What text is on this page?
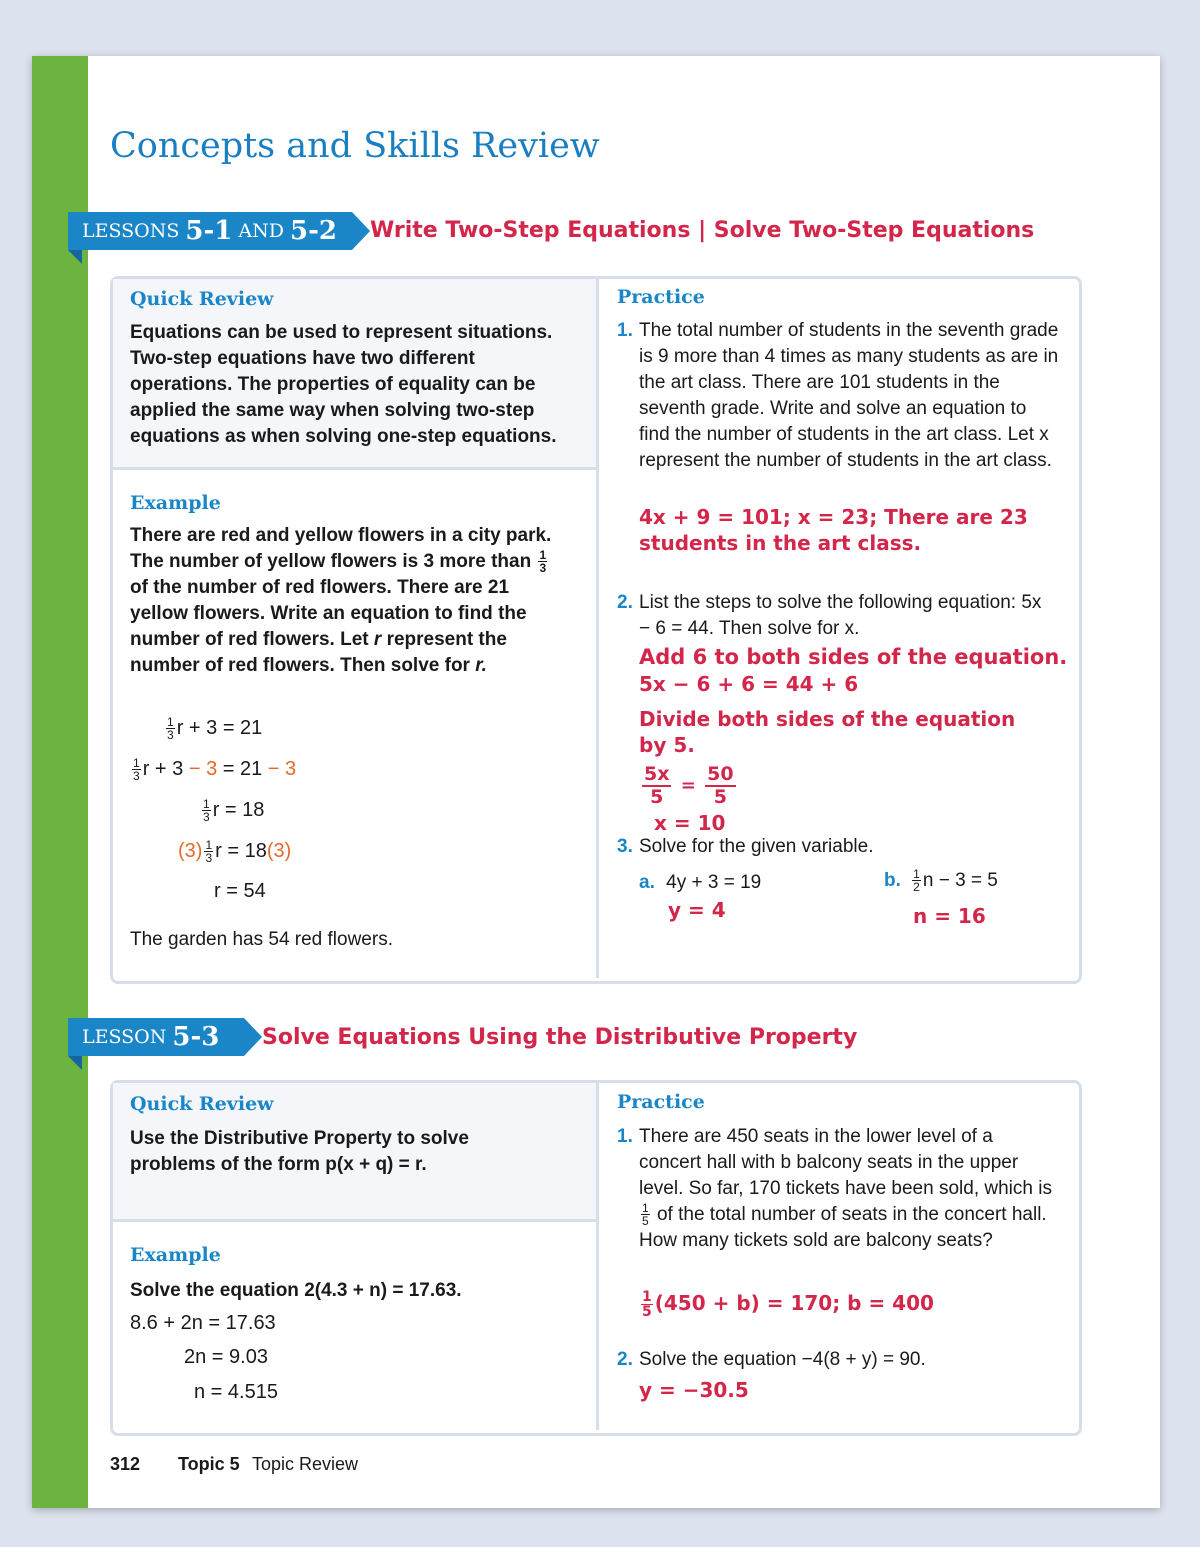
Concepts and Skills Review
LESSONS 5-1 AND 5-2 Write Two-Step Equations | Solve Two-Step Equations
Quick Review
Equations can be used to represent situations. Two-step equations have two different operations. The properties of equality can be applied the same way when solving two-step equations as when solving one-step equations.
Example
There are red and yellow flowers in a city park. The number of yellow flowers is 3 more than $\frac{1}{3}$
of the number of red flowers. There are 21 yellow flowers. Write an equation to find the number of red flowers. Let r represent the number of red flowers. Then solve for r.
$\frac{1}{3}$ r + 3 = 21
$\frac{1}{3}$ r + 3 − 3 = 21 − 3
$\frac{1}{3}$ r = 18
$(3) \frac{1}{3}$ r = 18(3)
r = 54
The garden has 54 red flowers.
Practice
1. The total number of students in the seventh grade is 9 more than 4 times as many students as are in the art class. There are 101 students in the seventh grade. Write and solve an equation to find the number of students in the art class. Let x represent the number of students in the art class.
4x + 9 = 101; x = 23; There are 23 students in the art class.
2. List the steps to solve the following equation: 5x − 6 = 44. Then solve for x.
Add 6 to both sides of the equation.
5x − 6 + 6 = 44 + 6
Divide both sides of the equation by 5.
$\frac{5x}{5} = \frac{50}{5}$
x = 10
3. Solve for the given variable.
a. 4y + 3 = 19
y = 4
b. $\frac{1}{2}$ n − 3 = 5
n = 16
LESSON 5-3 Solve Equations Using the Distributive Property
Quick Review
Use the Distributive Property to solve problems of the form p(x + q) = r.
Example
Solve the equation 2(4.3 + n) = 17.63.
8.6 + 2n = 17.63
2n = 9.03
n = 4.515
Practice
1. There are 450 seats in the lower level of a concert hall with b balcony seats in the upper level. So far, 170 tickets have been sold, which is
$\frac{1}{5}$ of the total number of seats in the concert hall. How many tickets sold are balcony seats?
$\frac{1}{5} (450 + b) = 170$; b = 400
2. Solve the equation −4(8 + y) = 90.
y = −30.5
312 Topic 5 Topic Review
